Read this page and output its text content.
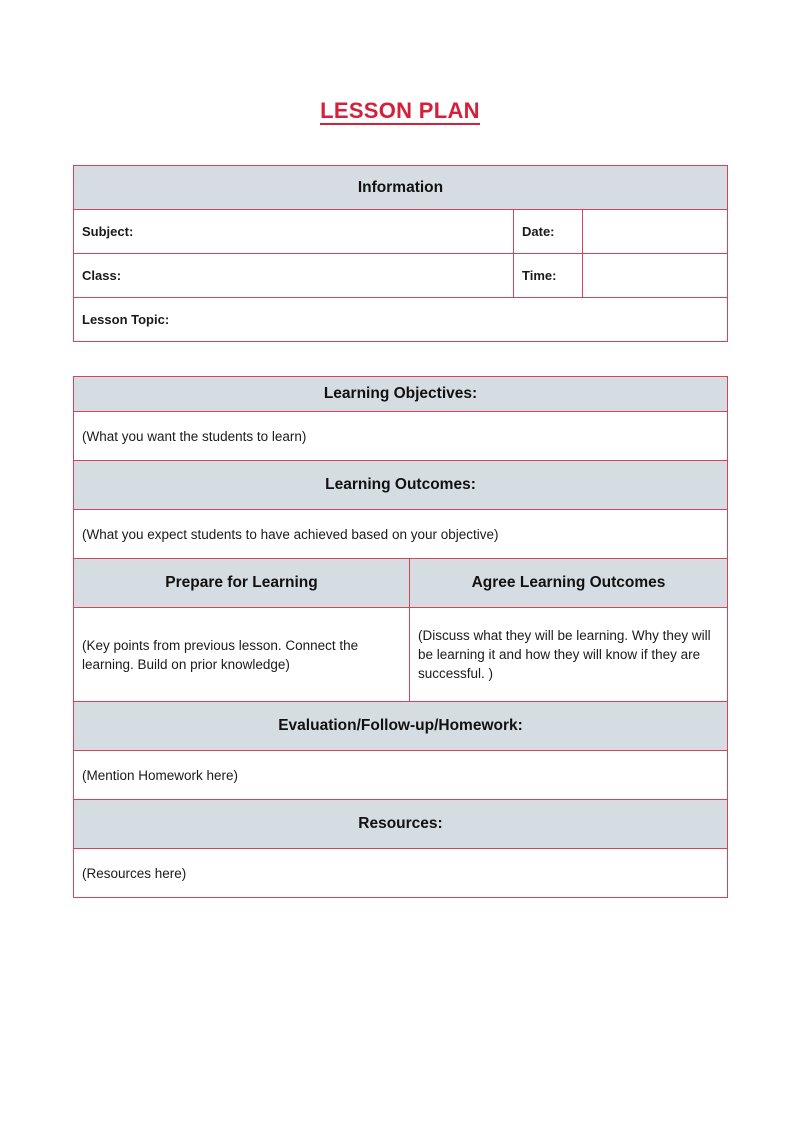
LESSON PLAN
Information		
Subject:	Date:	
Class:	Time:	
Lesson Topic:		
Learning Objectives:	
(What you want the students to learn)	
Learning Outcomes:	
(What you expect students to have achieved based on your objective)	
Prepare for Learning	Agree Learning Outcomes
(Key points from previous lesson. Connect the learning. Build on prior knowledge)	(Discuss what they will be learning. Why they will be learning it and how they will know if they are successful. )
Evaluation/Follow-up/Homework:	
(Mention Homework here)	
Resources:	
(Resources here)	
